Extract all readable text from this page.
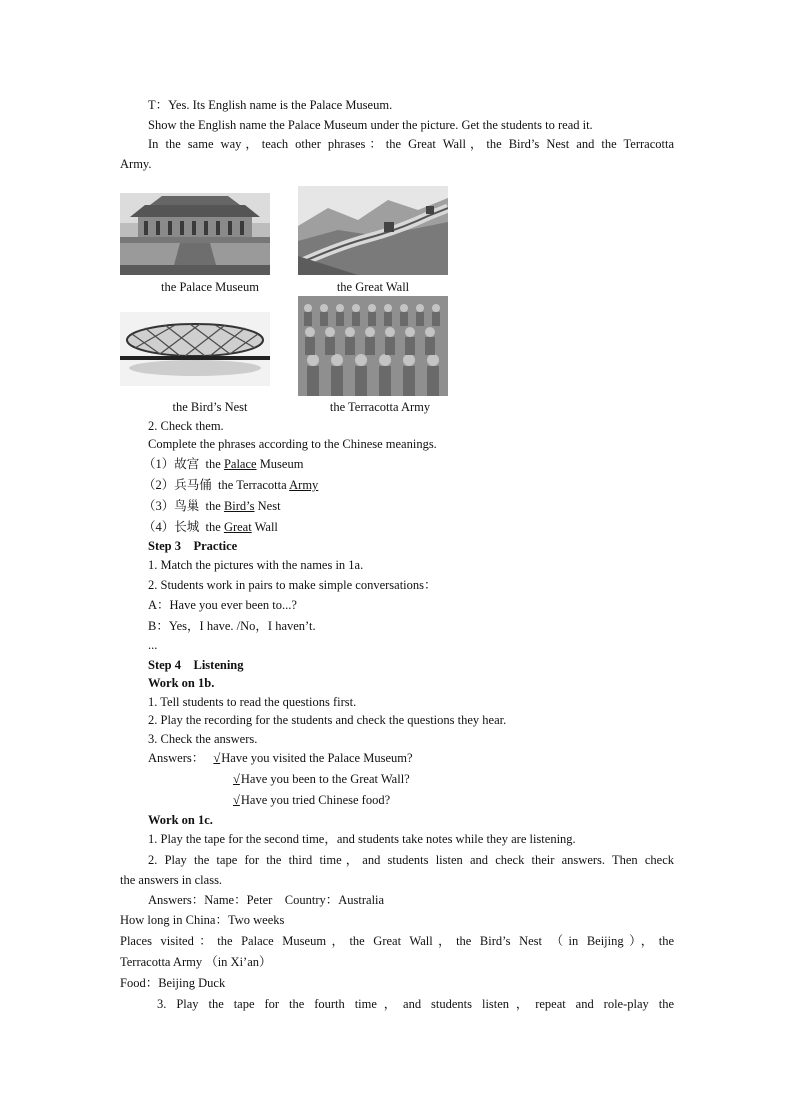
T：Yes. Its English name is the Palace Museum.
Show the English name the Palace Museum under the picture. Get the students to read it.
In the same way，teach other phrases：the Great Wall，the Bird’s Nest and the Terracotta
Army.
the Palace Museum	the Great Wall
the Bird’s Nest	the Terracotta Army
2. Check them.
Complete the phrases according to the Chinese meanings.
（1）故宫 the Palace Museum
（2）兵马俑 the Terracotta Army
（3）鸟巢 the Bird’s Nest
（4）长城 the Great Wall
Step 3    Practice
1. Match the pictures with the names in 1a.
2. Students work in pairs to make simple conversations：
A：Have you ever been to...?
B：Yes，I have. /No，I haven’t.
...
Step 4    Listening
Work on 1b.
1. Tell students to read the questions first.
2. Play the recording for the students and check the questions they hear.
3. Check the answers.
Answers： √Have you visited the Palace Museum?
√Have you been to the Great Wall?
√Have you tried Chinese food?
Work on 1c.
1. Play the tape for the second time，and students take notes while they are listening.
2. Play the tape for the third time，and students listen and check their answers. Then check
the answers in class.
Answers：Name：Peter    Country：Australia
How long in China：Two weeks
Places visited：the Palace Museum，the Great Wall，the Bird’s Nest （in Beijing），the
Terracotta Army （in Xi’an）
Food：Beijing Duck
3. Play the tape for the fourth time，and students listen，repeat and role-play the
